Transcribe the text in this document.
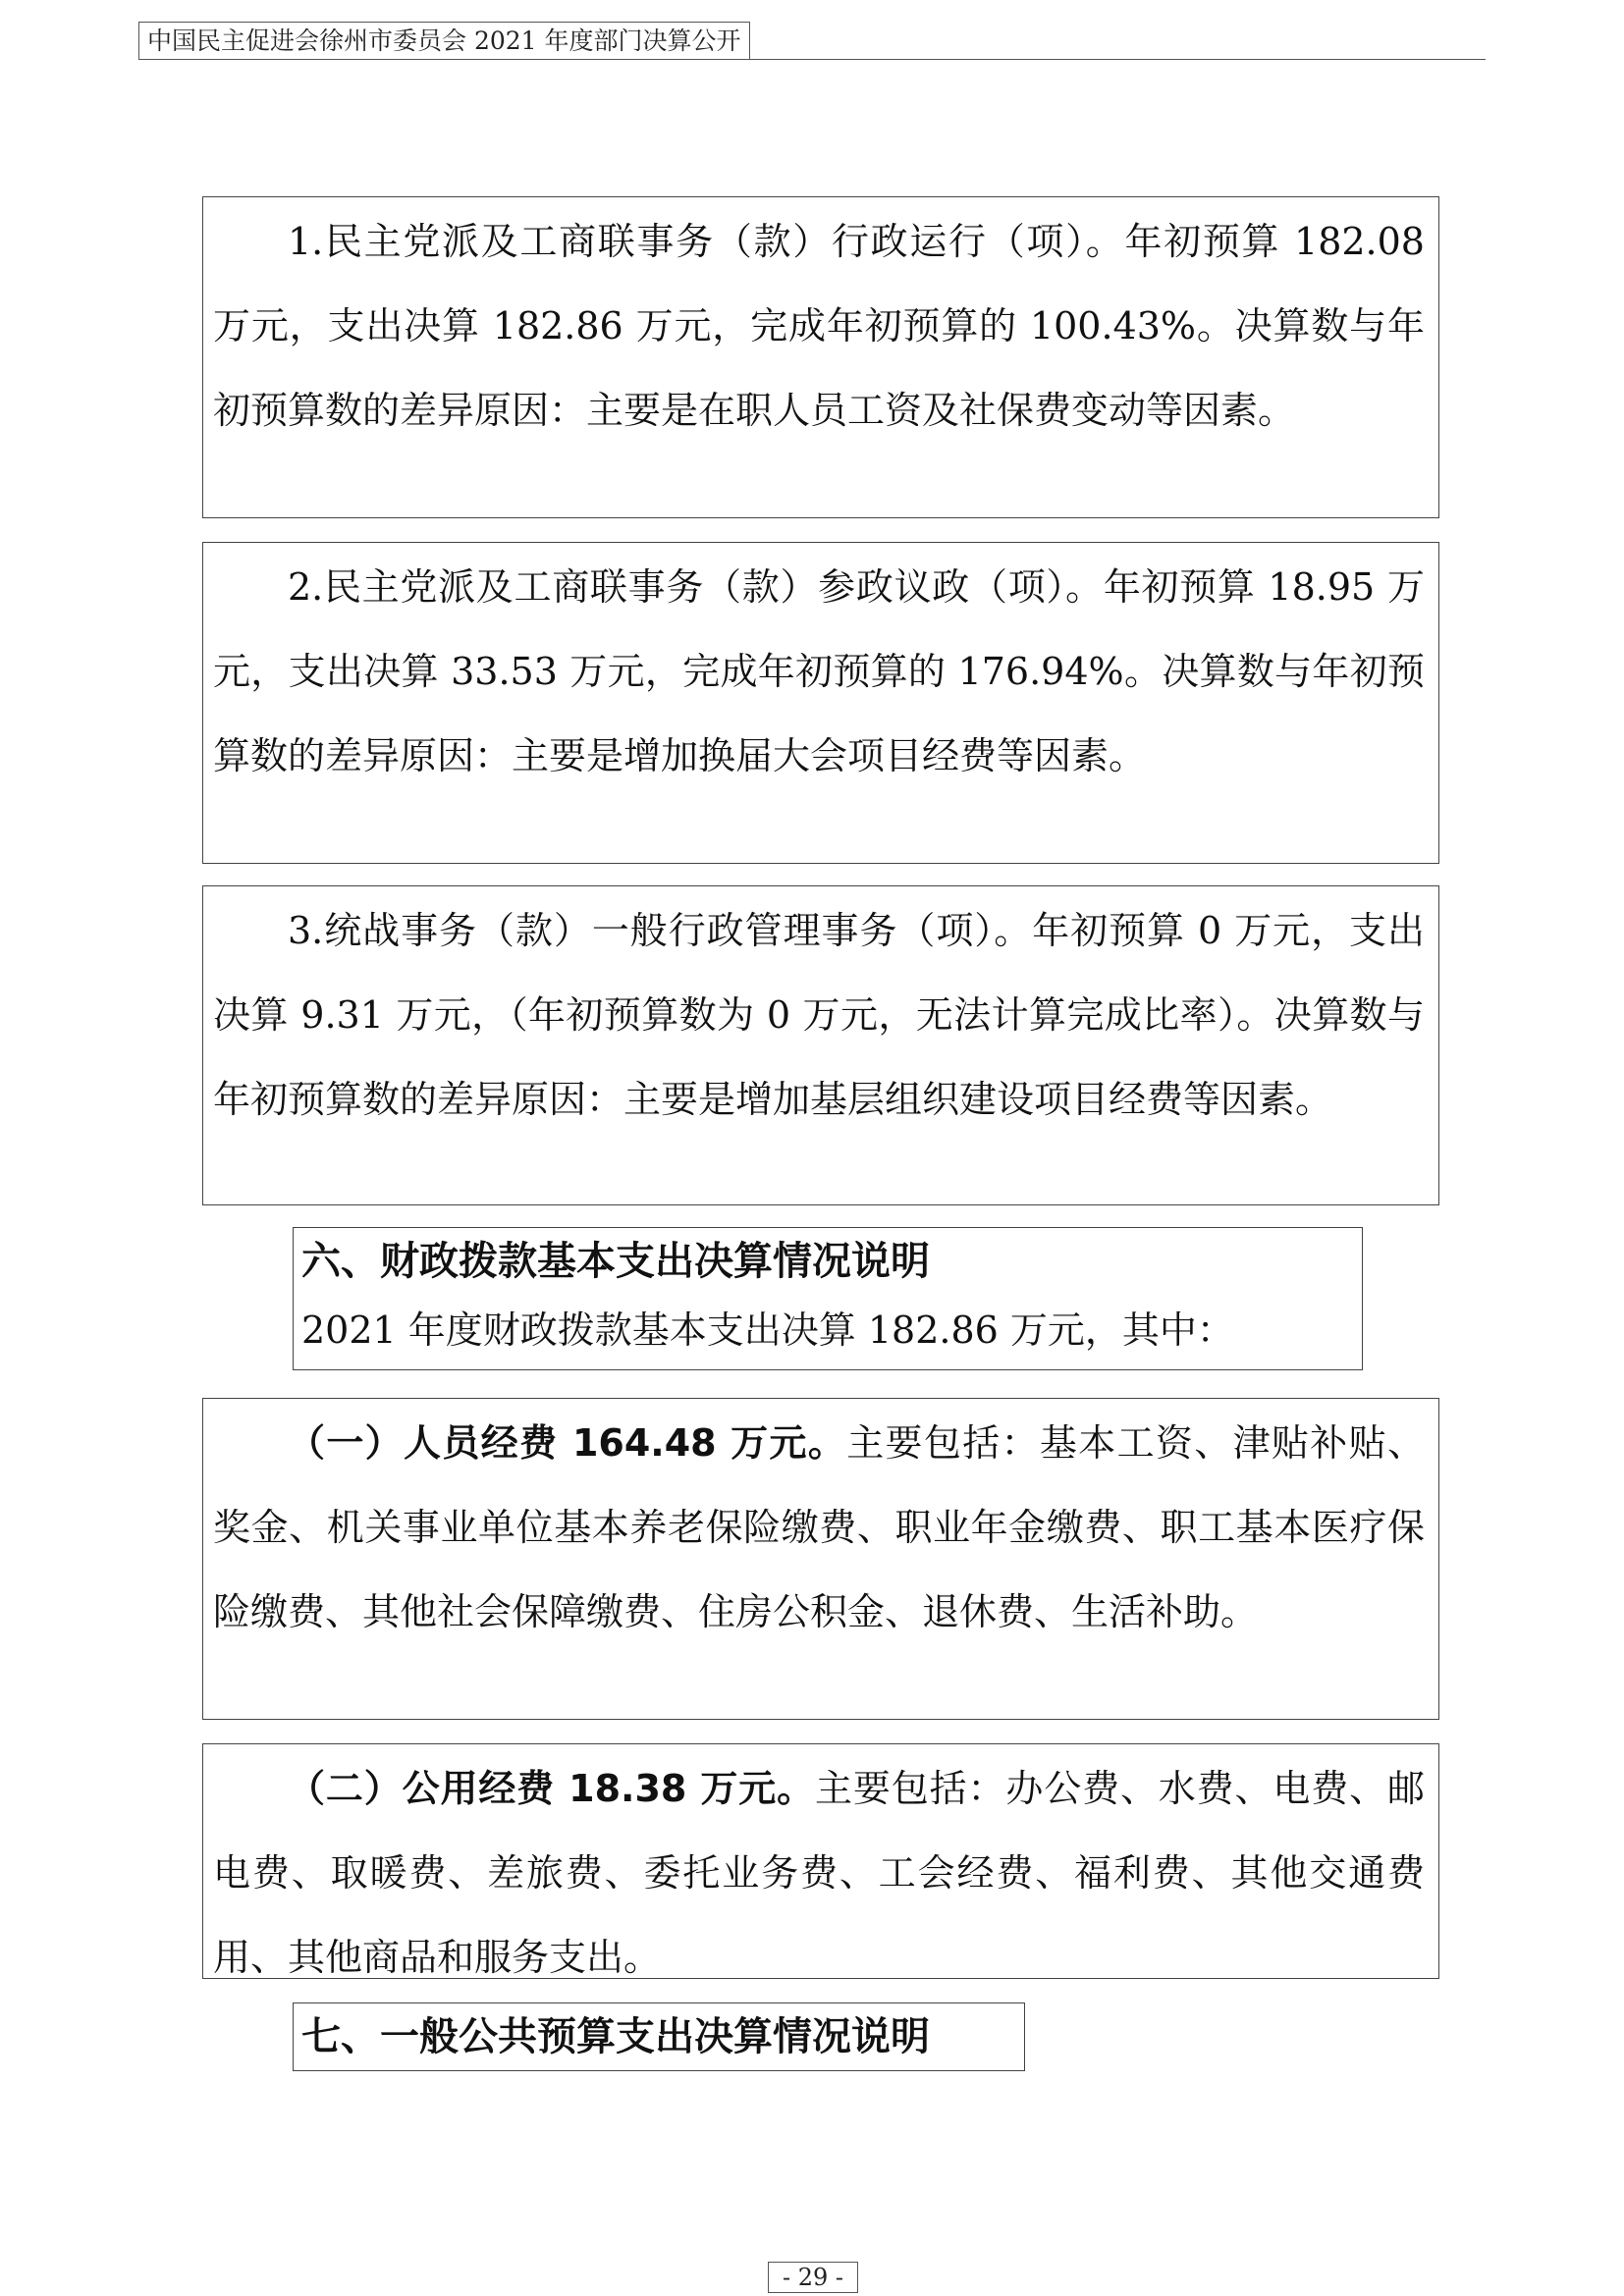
中国民主促进会徐州市委员会 2021 年度部门决算公开

1.民主党派及工商联事务（款）行政运行（项）。年初预算 182.08 万元，支出决算 182.86 万元，完成年初预算的 100.43%。决算数与年初预算数的差异原因：主要是在职人员工资及社保费变动等因素。

2.民主党派及工商联事务（款）参政议政（项）。年初预算 18.95 万元，支出决算 33.53 万元，完成年初预算的 176.94%。决算数与年初预算数的差异原因：主要是增加换届大会项目经费等因素。

3.统战事务（款）一般行政管理事务（项）。年初预算 0 万元，支出决算 9.31 万元，（年初预算数为 0 万元，无法计算完成比率）。决算数与年初预算数的差异原因：主要是增加基层组织建设项目经费等因素。

六、财政拨款基本支出决算情况说明
2021 年度财政拨款基本支出决算 182.86 万元，其中：

（一）人员经费 164.48 万元。主要包括：基本工资、津贴补贴、奖金、机关事业单位基本养老保险缴费、职业年金缴费、职工基本医疗保险缴费、其他社会保障缴费、住房公积金、退休费、生活补助。

（二）公用经费 18.38 万元。主要包括：办公费、水费、电费、邮电费、取暖费、差旅费、委托业务费、工会经费、福利费、其他交通费用、其他商品和服务支出。

七、一般公共预算支出决算情况说明
- 29 -
